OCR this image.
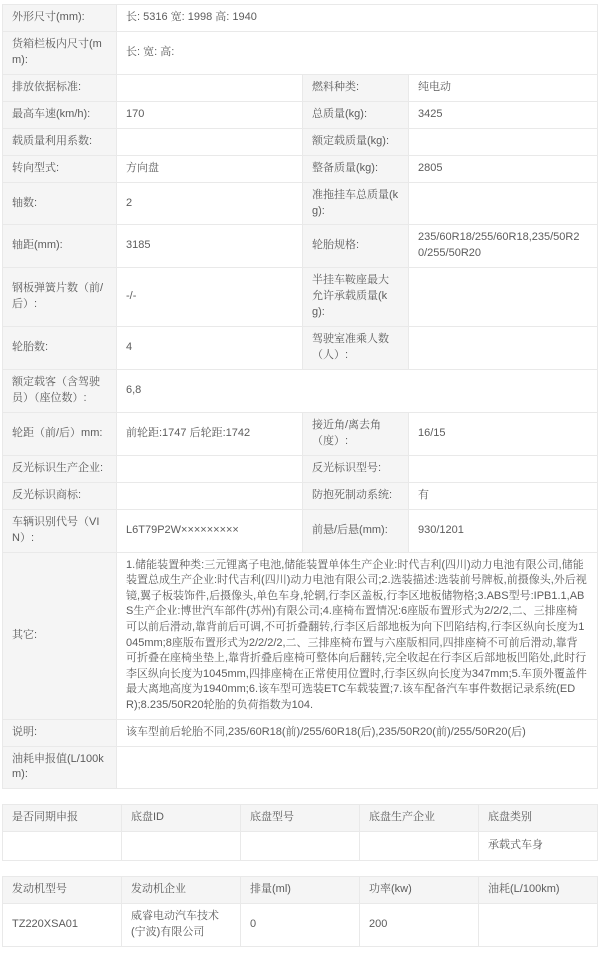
外形尺寸(mm):	长: 5316 宽: 1998 高: 1940		
货箱栏板内尺寸(mm):	长: 宽: 高:		
排放依据标准:		燃料种类:	纯电动
最高车速(km/h):	170	总质量(kg):	3425
载质量利用系数:		额定载质量(kg):	
转向型式:	方向盘	整备质量(kg):	2805
轴数:	2	准拖挂车总质量(kg):	
轴距(mm):	3185	轮胎规格:	235/60R18/255/60R18,235/50R20/255/50R20
钢板弹簧片数（前/后）:	-/-	半挂车鞍座最大允许承载质量(kg):	
轮胎数:	4	驾驶室准乘人数（人）:	
额定载客（含驾驶员）（座位数）:	6,8		
轮距（前/后）mm:	前轮距:1747 后轮距:1742	接近角/离去角（度）:	16/15
反光标识生产企业:		反光标识型号:	
反光标识商标:		防抱死制动系统:	有
车辆识别代号（VIN）:	L6T79P2W×××××××××	前悬/后悬(mm):	930/1201
其它:	1.储能装置种类:三元锂离子电池,储能装置单体生产企业:时代吉利(四川)动力电池有限公司,储能装置总成生产企业:时代吉利(四川)动力电池有限公司;2.选装描述:选装前号牌板,前摄像头,外后视镜,翼子板装饰件,后摄像头,单色车身,轮辋,行李区盖板,行李区地板储物格;3.ABS型号:IPB1.1,ABS生产企业:博世汽车部件(苏州)有限公司;4.座椅布置情况:6座版布置形式为2/2/2,二、三排座椅可以前后滑动,靠背前后可调,不可折叠翻转,行李区后部地板为向下凹陷结构,行李区纵向长度为1045mm;8座版布置形式为2/2/2/2,二、三排座椅布置与六座版相同,四排座椅不可前后滑动,靠背可折叠在座椅坐垫上,靠背折叠后座椅可整体向后翻转,完全收起在行李区后部地板凹陷处,此时行李区纵向长度为1045mm,四排座椅在正常使用位置时,行李区纵向长度为347mm;5.车顶外覆盖件最大离地高度为1940mm;6.该车型可选装ETC车载装置;7.该车配备汽车事件数据记录系统(EDR);8.235/50R20轮胎的负荷指数为104.		
说明:	该车型前后轮胎不同,235/60R18(前)/255/60R18(后),235/50R20(前)/255/50R20(后)		
油耗申报值(L/100km):			
是否同期申报	底盘ID	底盘型号	底盘生产企业	底盘类别
				承载式车身
发动机型号	发动机企业	排量(ml)	功率(kw)	油耗(L/100km)
TZ220XSA01	威睿电动汽车技术(宁波)有限公司	0	200	
